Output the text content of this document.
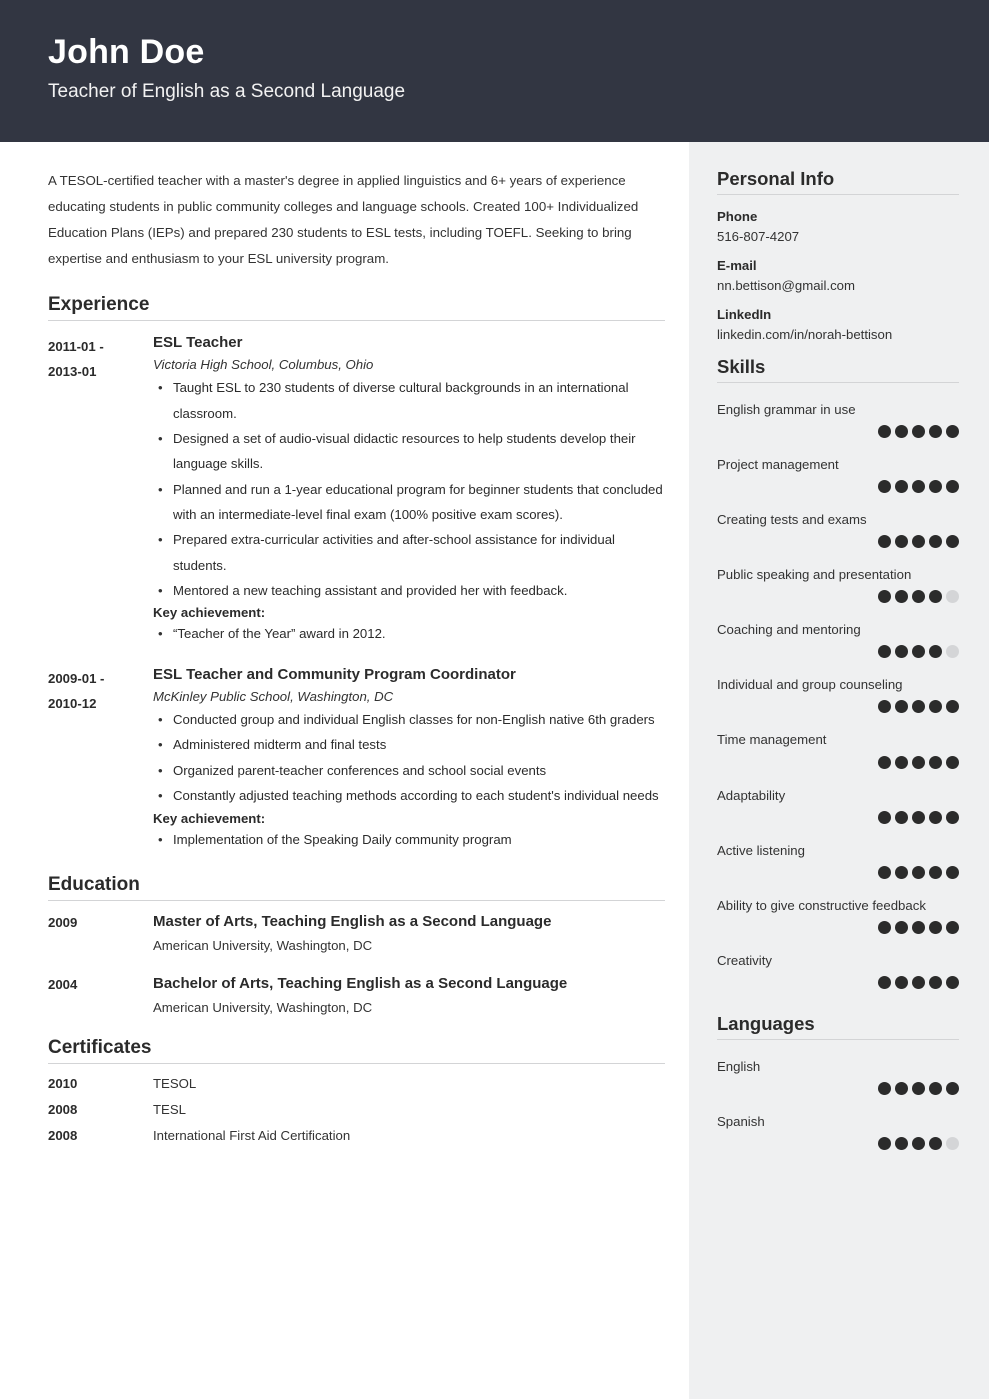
John Doe
Teacher of English as a Second Language

A TESOL-certified teacher with a master's degree in applied linguistics and 6+ years of experience educating students in public community colleges and language schools. Created 100+ Individualized Education Plans (IEPs) and prepared 230 students to ESL tests, including TOEFL. Seeking to bring expertise and enthusiasm to your ESL university program.

Experience
2011-01 -
2013-01
ESL Teacher
Victoria High School, Columbus, Ohio
• Taught ESL to 230 students of diverse cultural backgrounds in an international classroom.
• Designed a set of audio-visual didactic resources to help students develop their language skills.
• Planned and run a 1-year educational program for beginner students that concluded with an intermediate-level final exam (100% positive exam scores).
• Prepared extra-curricular activities and after-school assistance for individual students.
• Mentored a new teaching assistant and provided her with feedback.
Key achievement:
• “Teacher of the Year” award in 2012.
2009-01 -
2010-12
ESL Teacher and Community Program Coordinator
McKinley Public School, Washington, DC
• Conducted group and individual English classes for non-English native 6th graders
• Administered midterm and final tests
• Organized parent-teacher conferences and school social events
• Constantly adjusted teaching methods according to each student's individual needs
Key achievement:
• Implementation of the Speaking Daily community program
Education
2009	Master of Arts, Teaching English as a Second Language
American University, Washington, DC
2004	Bachelor of Arts, Teaching English as a Second Language
American University, Washington, DC
Certificates
2010	TESOL
2008	TESL
2008	International First Aid Certification
Personal Info
Phone
516-807-4207
E-mail
nn.bettison@gmail.com
LinkedIn
linkedin.com/in/norah-bettison
Skills
English grammar in use
Project management
Creating tests and exams
Public speaking and presentation
Coaching and mentoring
Individual and group counseling
Time management
Adaptability
Active listening
Ability to give constructive feedback
Creativity
Languages
English
Spanish
